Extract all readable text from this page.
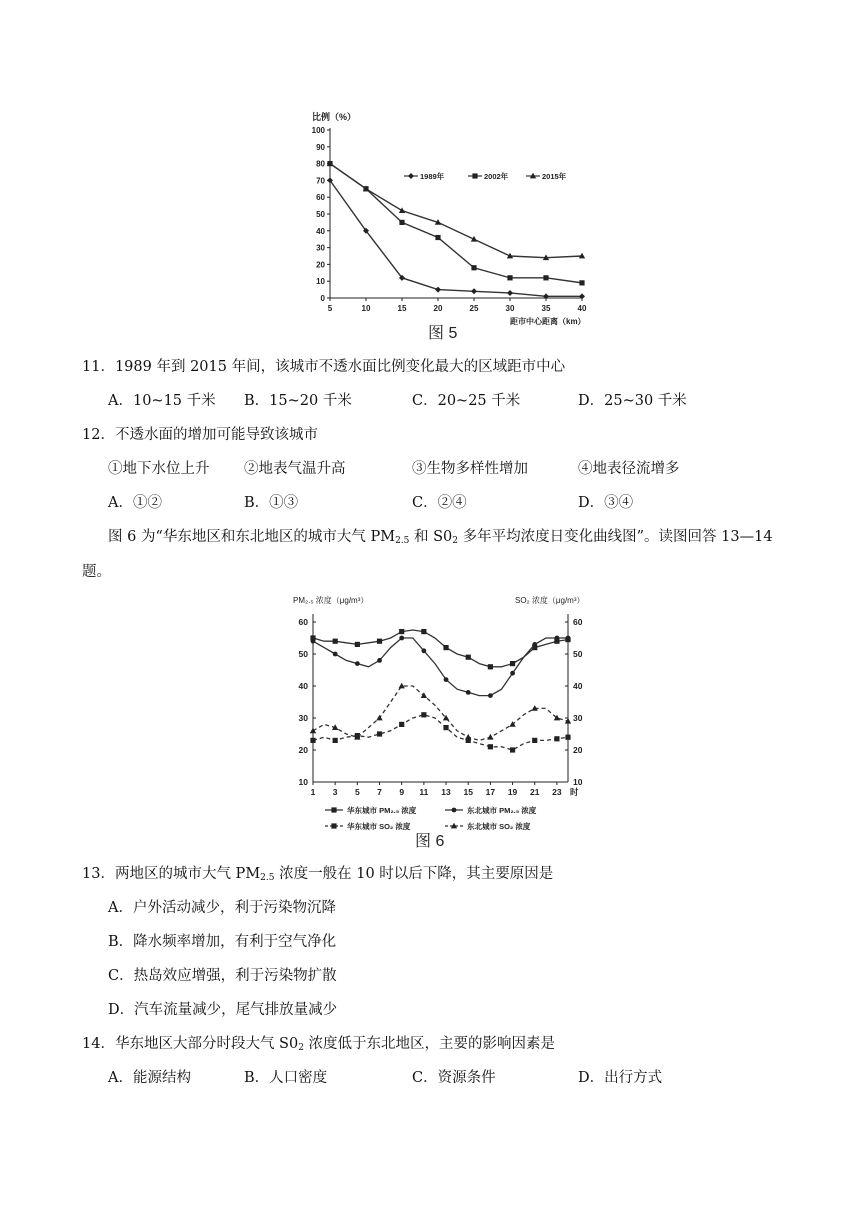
比例（%）
0
10
20
30
40
50
60
70
80
90
100
5	10	15	20	25	30	35	40
1989年	2002年	2015年
距市中心距离（km）
图 5
11．1989 年到 2015 年间，该城市不透水面比例变化最大的区域距市中心
A．10~15 千米 B．15~20 千米	C．20~25 千米	D．25~30 千米
12．不透水面的增加可能导致该城市
①地下水位上升 ②地表气温升高	③生物多样性增加	④地表径流增多
A．①②	B．①③	C．②④	D．③④
图 6 为“华东地区和东北地区的城市大气 $PM_{2.5}$ 和 $S0_2$ 多年平均浓度日变化曲线图”。读图回答 13—14
题。
PM₂.₅ 浓度（μg/m³）	SO₂ 浓度（μg/m³）
10	10
20	20
30	30
40	40
50	50
60	60
1 3 5 7 9 11 13 15 17 19 21 23 时
华东城市 PM₂.₅ 浓度	东北城市 PM₂.₅ 浓度
华东城市 SO₂ 浓度	东北城市 SO₂ 浓度
图 6
13．两地区的城市大气 $PM_{2.5}$ 浓度一般在 10 时以后下降，其主要原因是
A．户外活动减少，利于污染物沉降
B．降水频率增加，有利于空气净化
C．热岛效应增强，利于污染物扩散
D．汽车流量减少，尾气排放量减少
14．华东地区大部分时段大气 $S0_2$ 浓度低于东北地区，主要的影响因素是
A．能源结构	B．人口密度	C．资源条件	D．出行方式
